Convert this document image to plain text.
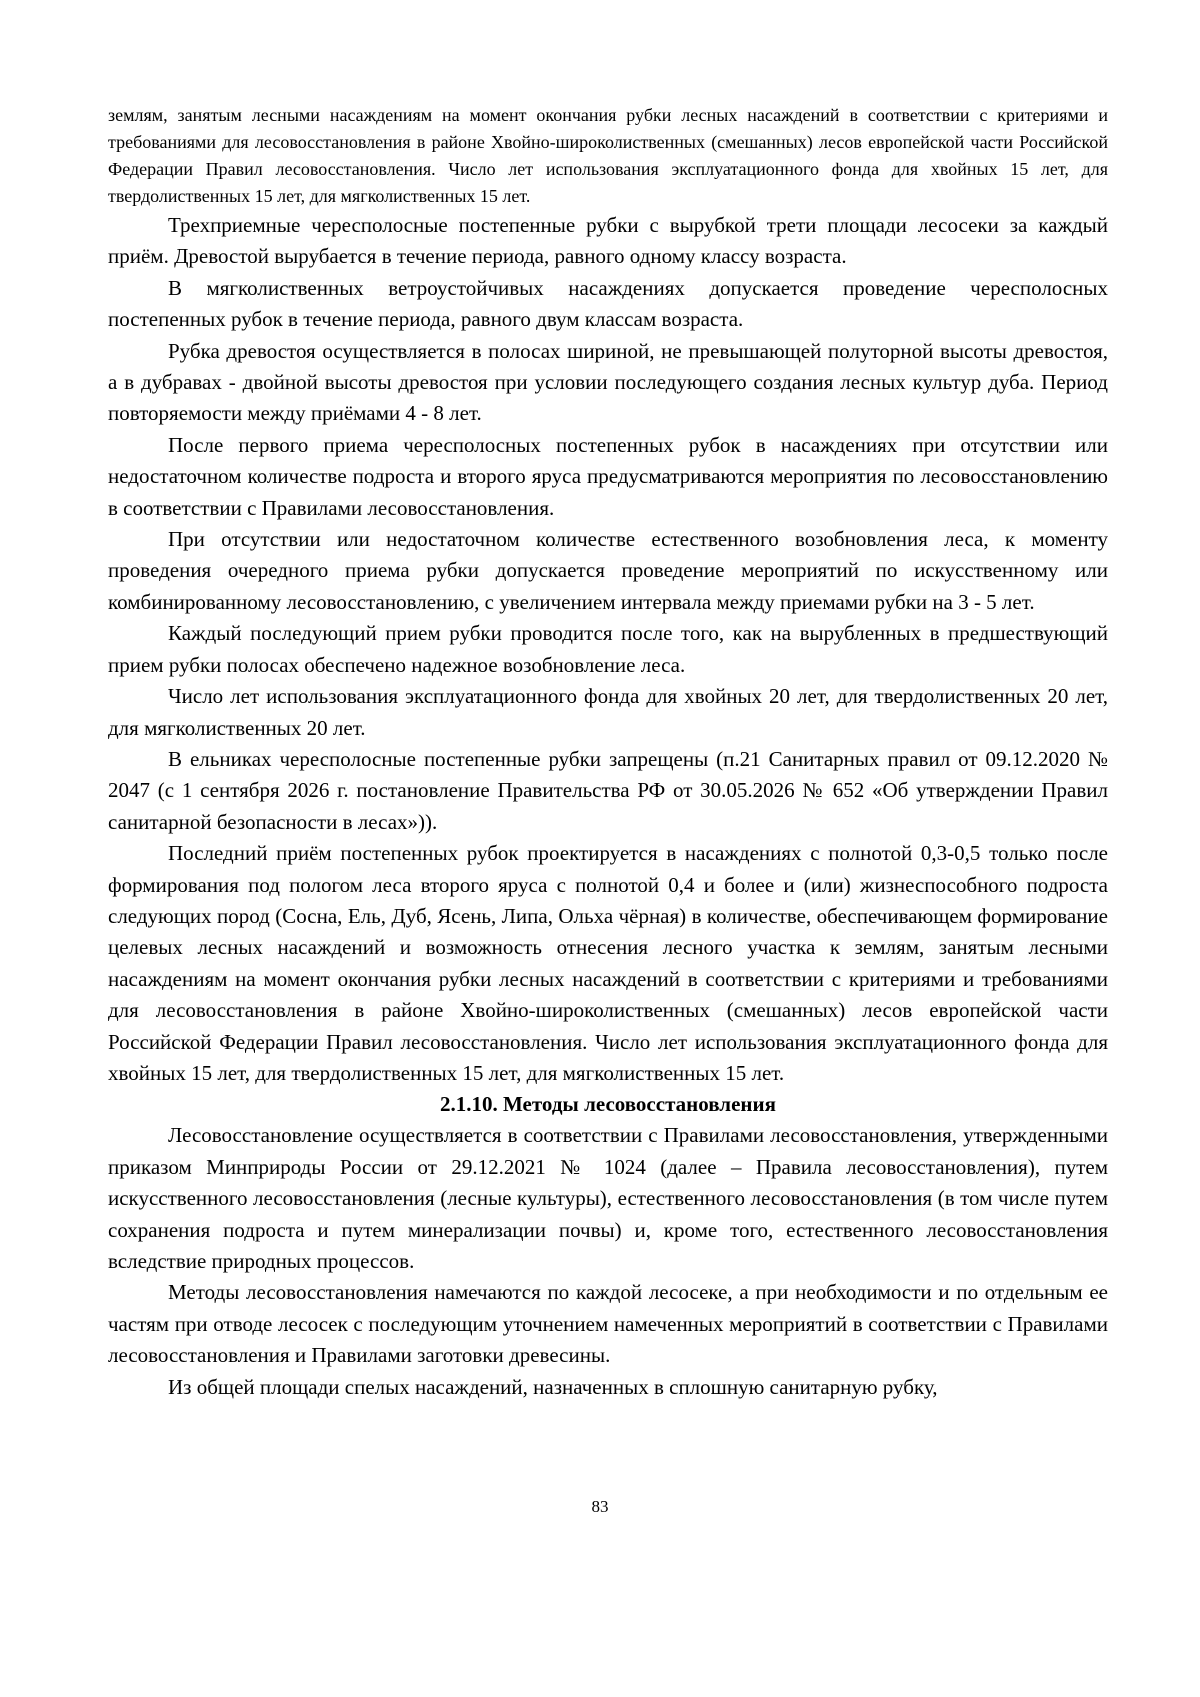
землям, занятым лесными насаждениям на момент окончания рубки лесных насаждений в соответствии с критериями и требованиями для лесовосстановления в районе Хвойно-широколиственных (смешанных) лесов европейской части Российской Федерации Правил лесовосстановления. Число лет использования эксплуатационного фонда для хвойных 15 лет, для твердолиственных 15 лет, для мягколиственных 15 лет.

Трехприемные чересполосные постепенные рубки с вырубкой трети площади лесосеки за каждый приём. Древостой вырубается в течение периода, равного одному классу возраста.

В мягколиственных ветроустойчивых насаждениях допускается проведение чересполосных постепенных рубок в течение периода, равного двум классам возраста.

Рубка древостоя осуществляется в полосах шириной, не превышающей полуторной высоты древостоя, а в дубравах - двойной высоты древостоя при условии последующего создания лесных культур дуба. Период повторяемости между приёмами 4 - 8 лет.

После первого приема чересполосных постепенных рубок в насаждениях при отсутствии или недостаточном количестве подроста и второго яруса предусматриваются мероприятия по лесовосстановлению в соответствии с Правилами лесовосстановления.

При отсутствии или недостаточном количестве естественного возобновления леса, к моменту проведения очередного приема рубки допускается проведение мероприятий по искусственному или комбинированному лесовосстановлению, с увеличением интервала между приемами рубки на 3 - 5 лет.

Каждый последующий прием рубки проводится после того, как на вырубленных в предшествующий прием рубки полосах обеспечено надежное возобновление леса.

Число лет использования эксплуатационного фонда для хвойных 20 лет, для твердолиственных 20 лет, для мягколиственных 20 лет.

В ельниках чересполосные постепенные рубки запрещены (п.21 Санитарных правил от 09.12.2020 № 2047 (с 1 сентября 2026 г. постановление Правительства РФ от 30.05.2026 № 652 «Об утверждении Правил санитарной безопасности в лесах»)).

Последний приём постепенных рубок проектируется в насаждениях с полнотой 0,3-0,5 только после формирования под пологом леса второго яруса с полнотой 0,4 и более и (или) жизнеспособного подроста следующих пород (Сосна, Ель, Дуб, Ясень, Липа, Ольха чёрная) в количестве, обеспечивающем формирование целевых лесных насаждений и возможность отнесения лесного участка к землям, занятым лесными насаждениям на момент окончания рубки лесных насаждений в соответствии с критериями и требованиями для лесовосстановления в районе Хвойно-широколиственных (смешанных) лесов европейской части Российской Федерации Правил лесовосстановления. Число лет использования эксплуатационного фонда для хвойных 15 лет, для твердолиственных 15 лет, для мягколиственных 15 лет.

2.1.10. Методы лесовосстановления

Лесовосстановление осуществляется в соответствии с Правилами лесовосстановления, утвержденными приказом Минприроды России от 29.12.2021 № 1024 (далее – Правила лесовосстановления), путем искусственного лесовосстановления (лесные культуры), естественного лесовосстановления (в том числе путем сохранения подроста и путем минерализации почвы) и, кроме того, естественного лесовосстановления вследствие природных процессов.

Методы лесовосстановления намечаются по каждой лесосеке, а при необходимости и по отдельным ее частям при отводе лесосек с последующим уточнением намеченных мероприятий в соответствии с Правилами лесовосстановления и Правилами заготовки древесины.

Из общей площади спелых насаждений, назначенных в сплошную санитарную рубку,

83
